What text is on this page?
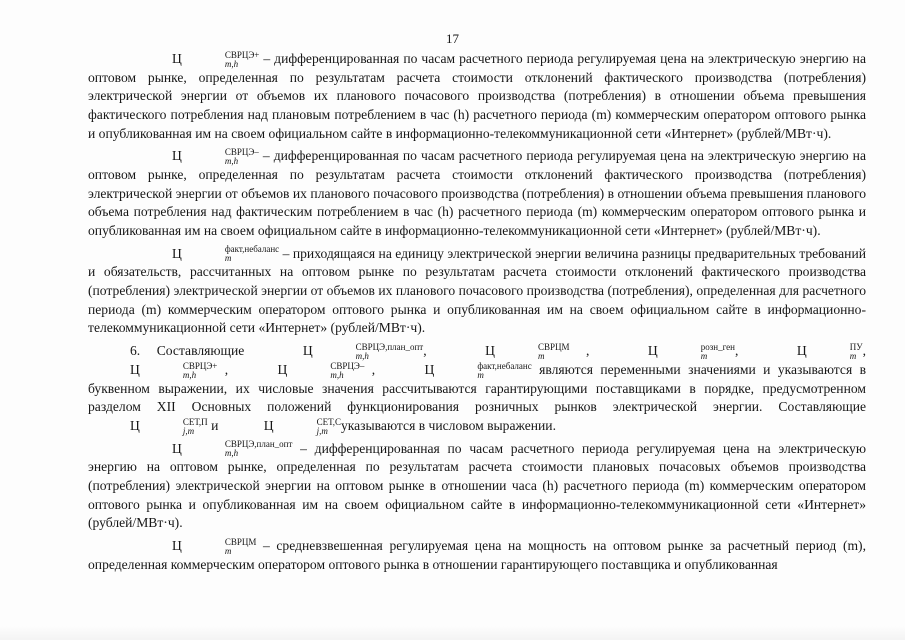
17

Ц	СВРЦЭ+
m,h	– дифференцированная по часам расчетного периода регулируемая цена на электрическую энергию на оптовом рынке, определенная по результатам расчета стоимости отклонений фактического производства (потребления) электрической энергии от объемов их планового почасового производства (потребления) в отношении объема превышения фактического потребления над плановым потреблением в час (h) расчетного периода (m) коммерческим оператором оптового рынка и опубликованная им на своем официальном сайте в информационно-телекоммуникационной сети «Интернет» (рублей/МВт·ч).

Ц	СВРЦЭ–
m,h	– дифференцированная по часам расчетного периода регулируемая цена на электрическую энергию на оптовом рынке, определенная по результатам расчета стоимости отклонений фактического производства (потребления) электрической энергии от объемов их планового почасового производства (потребления) в отношении объема превышения планового объема потребления над фактическим потреблением в час (h) расчетного периода (m) коммерческим оператором оптового рынка и опубликованная им на своем официальном сайте в информационно-телекоммуникационной сети «Интернет» (рублей/МВт·ч).

Ц	факт,небаланс
m	– приходящаяся на единицу электрической энергии величина разницы предварительных требований и обязательств, рассчитанных на оптовом рынке по результатам расчета стоимости отклонений фактического производства (потребления) электрической энергии от объемов их планового почасового производства (потребления), определенная для расчетного периода (m) коммерческим оператором оптового рынка и опубликованная им на своем официальном сайте в информационно-телекоммуникационной сети «Интернет» (рублей/МВт·ч).

6. Составляющие	Ц	СВРЦЭ,план_опт
m,h	,	Ц	СВРЦМ
m	,	Ц	розн_ген
m	,	Ц	ПУ
m , Ц	СВРЦЭ+
m,h	,	Ц	СВРЦЭ–
m,h	,	Ц	факт,небаланс
m	являются переменными значениями и указываются в буквенном выражении, их числовые значения рассчитываются гарантирующими поставщиками в порядке, предусмотренном разделом XII Основных положений функционирования розничных рынков электрической энергии. Составляющие Ц	СЕТ,П
j,m	и	Ц	СЕТ,С
j,m указываются в числовом выражении.

Ц	СВРЦЭ,план_опт
m,h	– дифференцированная по часам расчетного периода регулируемая цена на электрическую энергию на оптовом рынке, определенная по результатам расчета стоимости плановых почасовых объемов производства (потребления) электрической энергии на оптовом рынке в отношении часа (h) расчетного периода (m) коммерческим оператором оптового рынка и опубликованная им на своем официальном сайте в информационно-телекоммуникационной сети «Интернет» (рублей/МВт·ч).

Ц	СВРЦМ
m	– средневзвешенная регулируемая цена на мощность на оптовом рынке за расчетный период (m), определенная коммерческим оператором оптового рынка в отношении гарантирующего поставщика и опубликованная
